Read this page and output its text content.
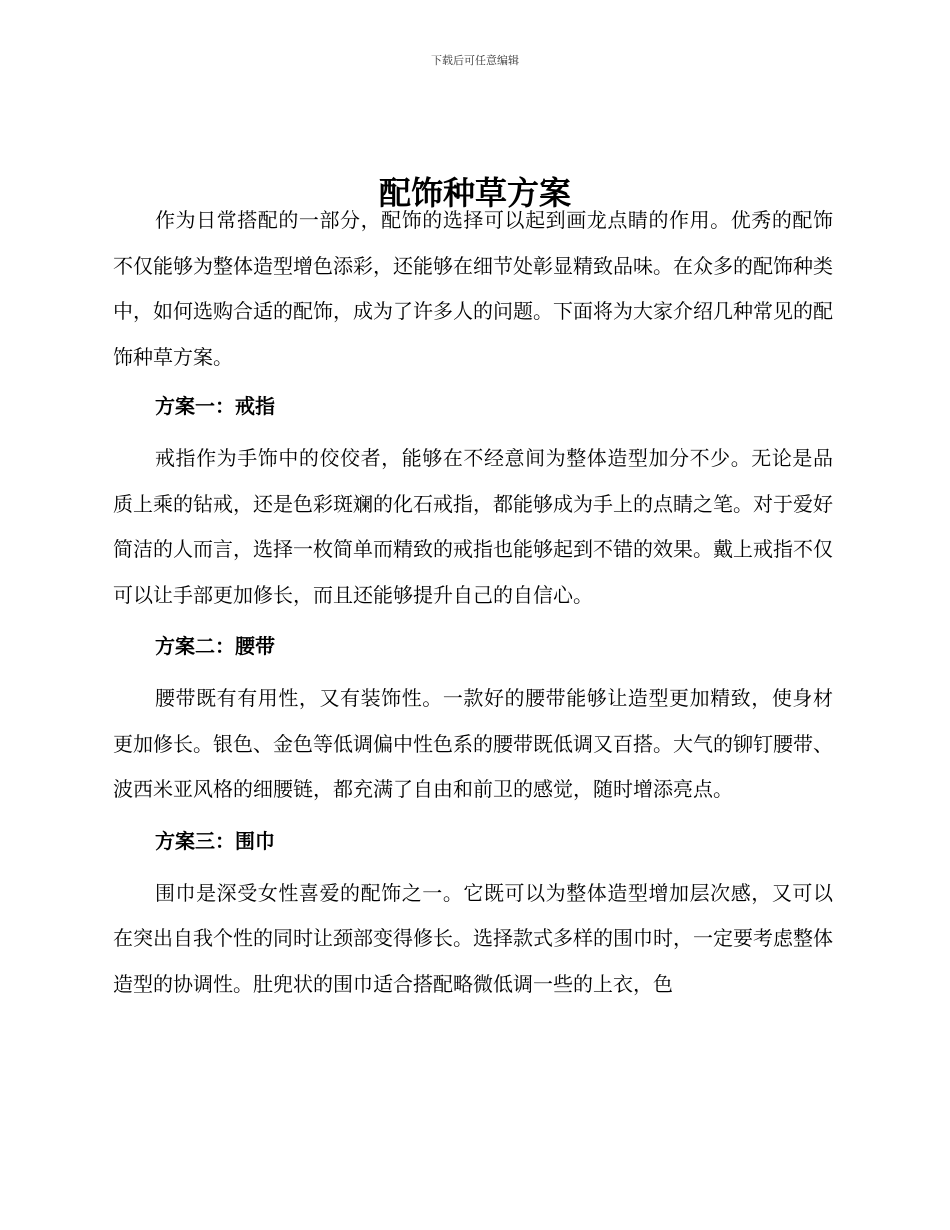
下载后可任意编辑
配饰种草方案

作为日常搭配的一部分，配饰的选择可以起到画龙点睛的作用。优秀的配饰不仅能够为整体造型增色添彩，还能够在细节处彰显精致品味。在众多的配饰种类中，如何选购合适的配饰，成为了许多人的问题。下面将为大家介绍几种常见的配饰种草方案。

方案一：戒指

戒指作为手饰中的佼佼者，能够在不经意间为整体造型加分不少。无论是品质上乘的钻戒，还是色彩斑斓的化石戒指，都能够成为手上的点睛之笔。对于爱好简洁的人而言，选择一枚简单而精致的戒指也能够起到不错的效果。戴上戒指不仅可以让手部更加修长，而且还能够提升自己的自信心。

方案二：腰带

腰带既有有用性，又有装饰性。一款好的腰带能够让造型更加精致，使身材更加修长。银色、金色等低调偏中性色系的腰带既低调又百搭。大气的铆钉腰带、波西米亚风格的细腰链，都充满了自由和前卫的感觉，随时增添亮点。

方案三：围巾

围巾是深受女性喜爱的配饰之一。它既可以为整体造型增加层次感，又可以在突出自我个性的同时让颈部变得修长。选择款式多样的围巾时，一定要考虑整体造型的协调性。肚兜状的围巾适合搭配略微低调一些的上衣，色
